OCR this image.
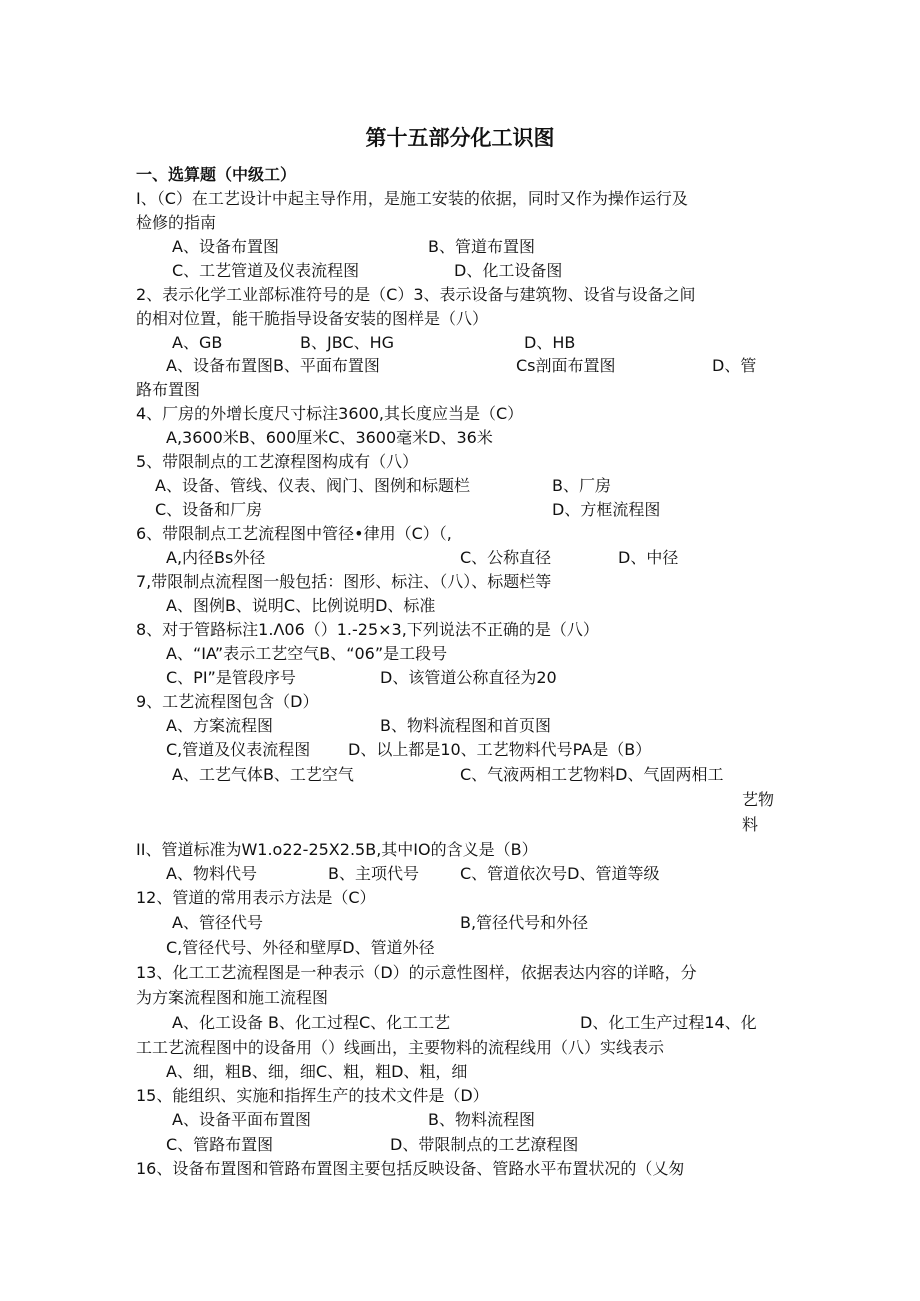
第十五部分化工识图
一、选算题（中级工）
I、（C）在工艺设计中起主导作用，是施工安装的依据，同时又作为操作运行及
检修的指南
A、设备布置图	B、管道布置图
C、工艺管道及仪表流程图	D、化工设备图
2、表示化学工业部标准符号的是（C）3、表示设备与建筑物、设省与设备之间
的相对位置，能干脆指导设备安装的图样是（八）
A、GB	B、JBC、HG	D、HB
A、设备布置图B、平面布置图	Cs剖面布置图	D、管
路布置图
4、厂房的外增长度尺寸标注3600,其长度应当是（C）
A,3600米B、600厘米C、3600毫米D、36米
5、带限制点的工艺潦程图构成有（八）
A、设备、管线、仪表、阀门、图例和标题栏	B、厂房
C、设备和厂房	D、方框流程图
6、带限制点工艺流程图中管径•律用（C）（,
A,内径Bs外径	C、公称直径	D、中径
7,带限制点流程图一般包括：图形、标注、（八）、标题栏等
A、图例B、说明C、比例说明D、标准
8、对于管路标注1.Λ06（）1.-25×3,下列说法不正确的是（八）
A、“IA”表示工艺空气B、“06”是工段号
C、PI”是管段序号	D、该管道公称直径为20
9、工艺流程图包含（D）
A、方案流程图	B、物料流程图和首页图
C,管道及仪表流程图 D、以上都是10、工艺物料代号PA是（B）
A、工艺气体B、工艺空气	C、气液两相工艺物料D、气固两相工
艺物
料
II、管道标准为W1.o22-25X2.5B,其中IO的含义是（B）
A、物料代号	B、主项代号	C、管道依次号D、管道等级
12、管道的常用表示方法是（C）
A、管径代号	B,管径代号和外径
C,管径代号、外径和壁厚D、管道外径
13、化工工艺流程图是一种表示（D）的示意性图样，依据表达内容的详略，分
为方案流程图和施工流程图
A、化工设备 B、化工过程C、化工工艺	D、化工生产过程14、化
工工艺流程图中的设备用（）线画出，主要物料的流程线用（八）实线表示
A、细，粗B、细，细C、粗，粗D、粗，细
15、能组织、实施和指挥生产的技术文件是（D）
A、设备平面布置图	B、物料流程图
C、管路布置图	D、带限制点的工艺潦程图
16、设备布置图和管路布置图主要包括反映设备、管路水平布置状况的（乂匆
